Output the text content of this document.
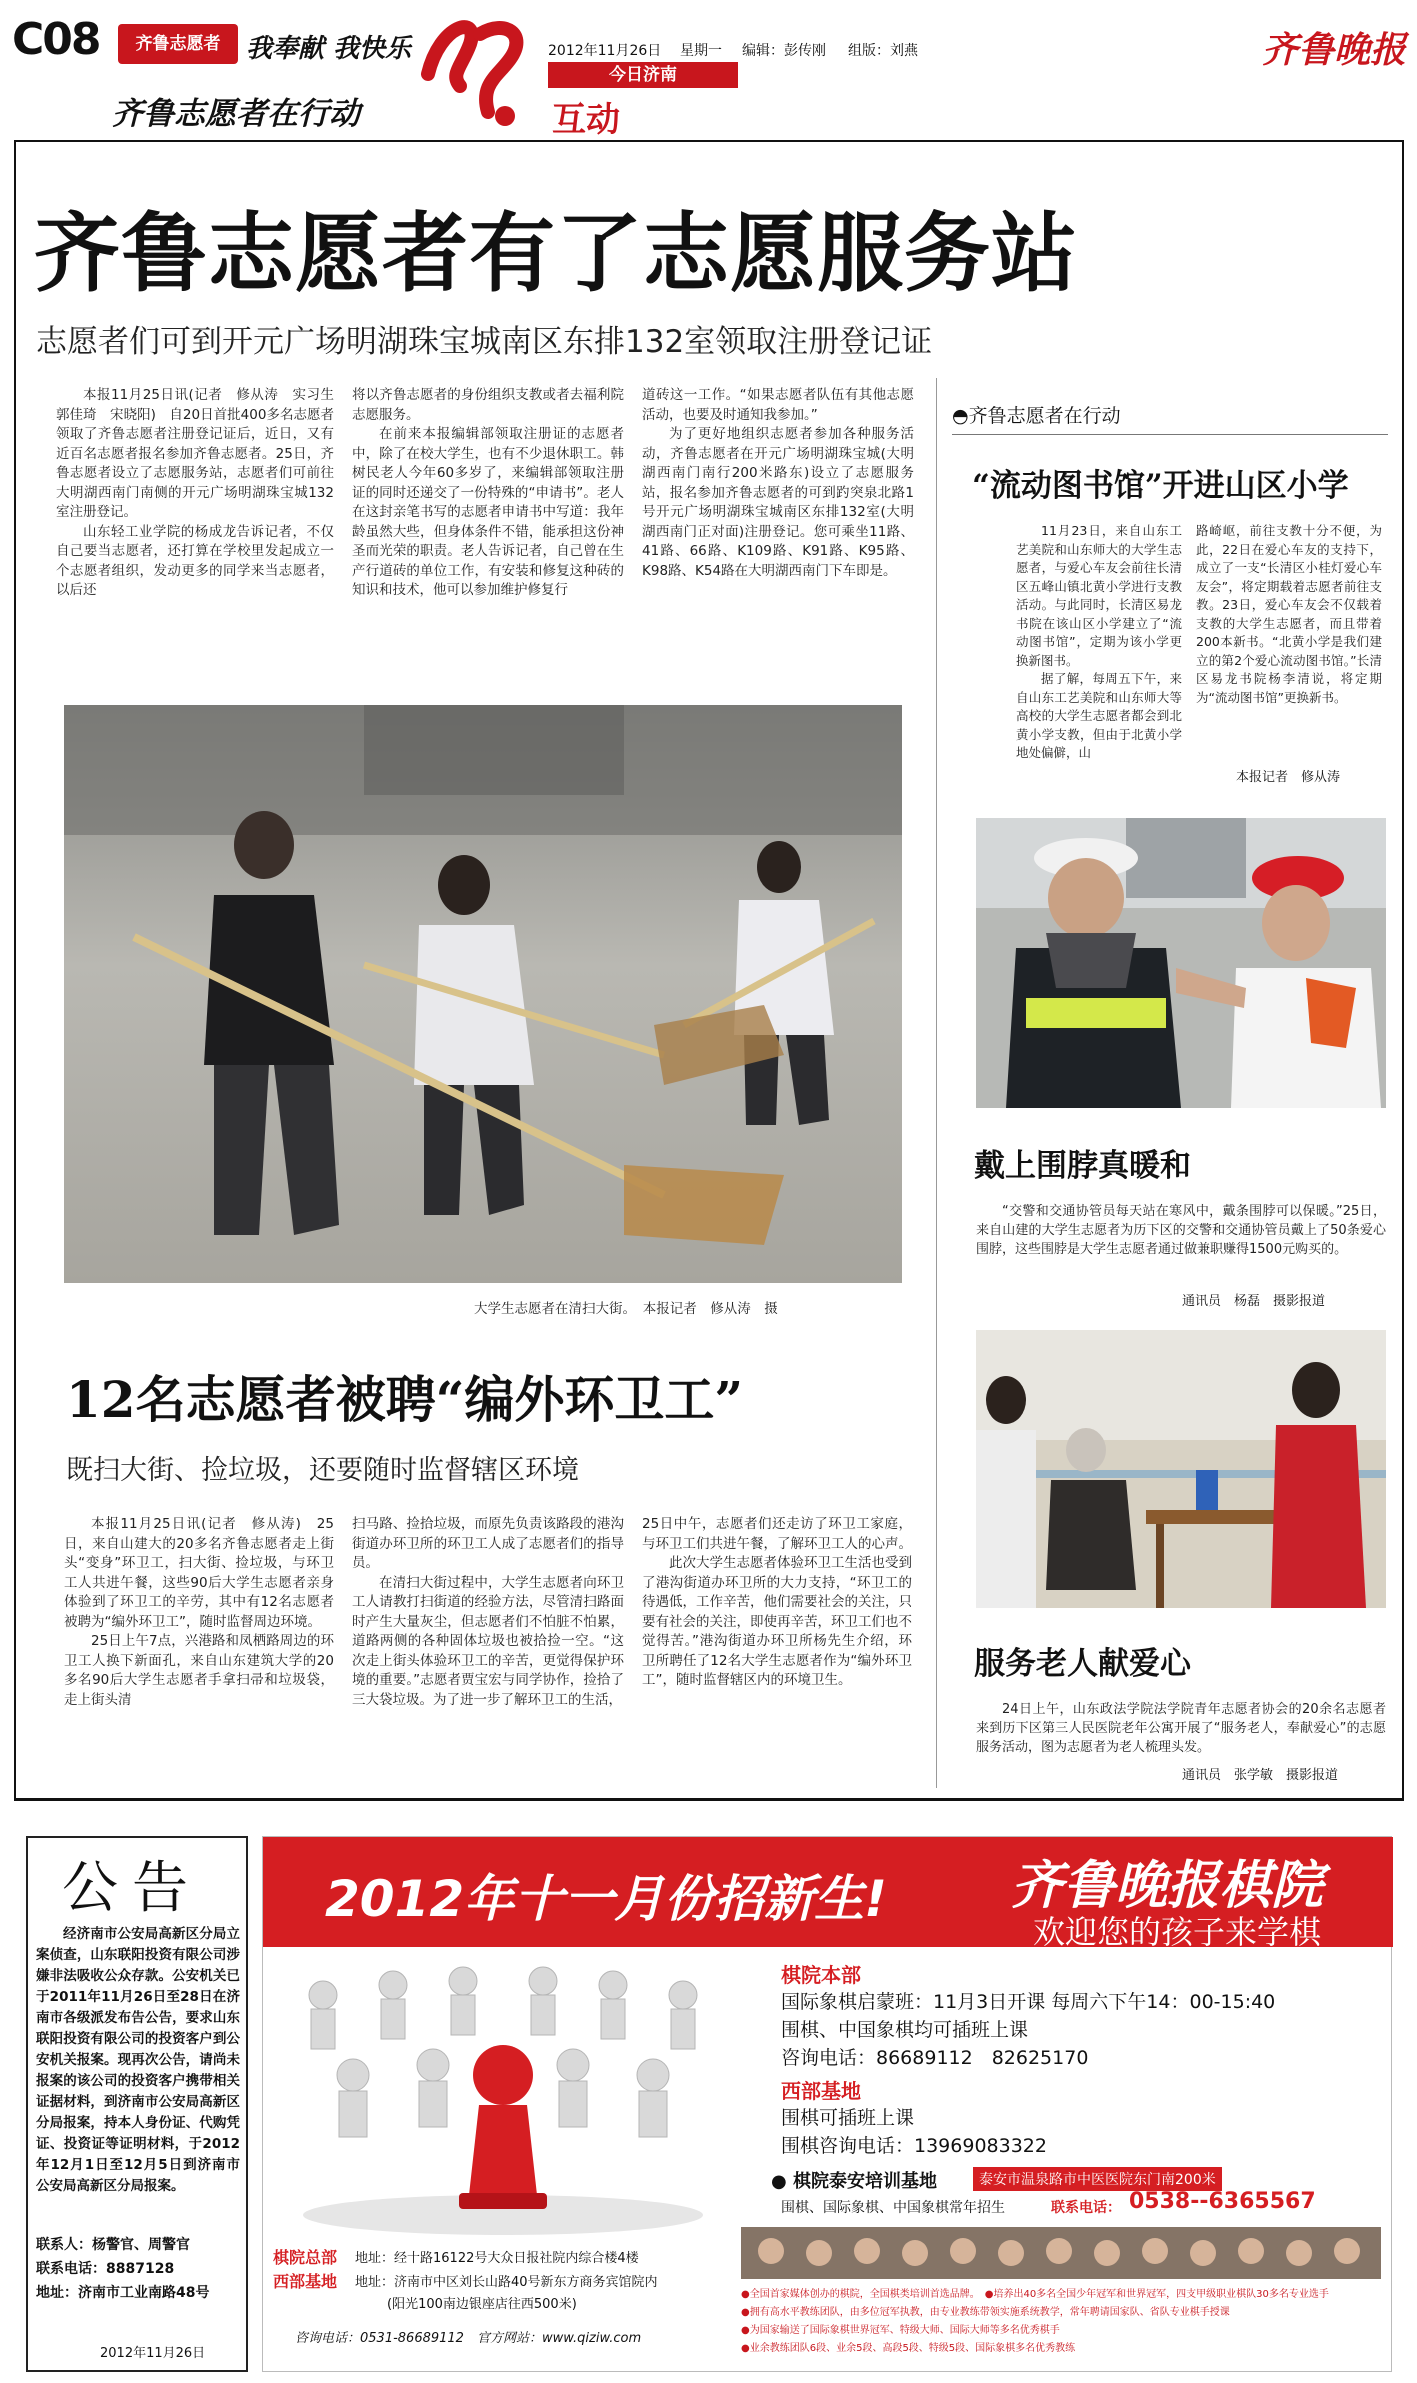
C08	齐鲁志愿者 我奉献 我快乐
齐鲁志愿者在行动
2012年11月26日 星期一 编辑：彭传刚 组版：刘燕
今日济南
互动
齐鲁晚报
齐鲁志愿者有了志愿服务站
志愿者们可到开元广场明湖珠宝城南区东排132室领取注册登记证

本报11月25日讯(记者　修从涛　实习生　郭佳琦　宋晓阳)　自20日首批400多名志愿者领取了齐鲁志愿者注册登记证后，近日，又有近百名志愿者报名参加齐鲁志愿者。25日，齐鲁志愿者设立了志愿服务站，志愿者们可前往大明湖西南门南侧的开元广场明湖珠宝城132室注册登记。

山东轻工业学院的杨成龙告诉记者，不仅自己要当志愿者，还打算在学校里发起成立一个志愿者组织，发动更多的同学来当志愿者，以后还

将以齐鲁志愿者的身份组织支教或者去福利院志愿服务。

在前来本报编辑部领取注册证的志愿者中，除了在校大学生，也有不少退休职工。韩树民老人今年60多岁了，来编辑部领取注册证的同时还递交了一份特殊的“申请书”。老人在这封亲笔书写的志愿者申请书中写道：我年龄虽然大些，但身体条件不错，能承担这份神圣而光荣的职责。老人告诉记者，自己曾在生产行道砖的单位工作，有安装和修复这种砖的知识和技术，他可以参加维护修复行

道砖这一工作。“如果志愿者队伍有其他志愿活动，也要及时通知我参加。”

为了更好地组织志愿者参加各种服务活动，齐鲁志愿者在开元广场明湖珠宝城(大明湖西南门南行200米路东)设立了志愿服务站，报名参加齐鲁志愿者的可到趵突泉北路1号开元广场明湖珠宝城南区东排132室(大明湖西南门正对面)注册登记。您可乘坐11路、41路、66路、K109路、K91路、K95路、K98路、K54路在大明湖西南门下车即是。

大学生志愿者在清扫大街。　本报记者　修从涛　摄
12名志愿者被聘“编外环卫工”
既扫大街、捡垃圾，还要随时监督辖区环境

本报11月25日讯(记者　修从涛)　25日，来自山建大的20多名齐鲁志愿者走上街头“变身”环卫工，扫大街、捡垃圾，与环卫工人共进午餐，这些90后大学生志愿者亲身体验到了环卫工的辛劳，其中有12名志愿者被聘为“编外环卫工”，随时监督周边环境。

25日上午7点，兴港路和凤栖路周边的环卫工人换下新面孔，来自山东建筑大学的20多名90后大学生志愿者手拿扫帚和垃圾袋，走上街头清

扫马路、捡拾垃圾，而原先负责该路段的港沟街道办环卫所的环卫工人成了志愿者们的指导员。

在清扫大街过程中，大学生志愿者向环卫工人请教打扫街道的经验方法，尽管清扫路面时产生大量灰尘，但志愿者们不怕脏不怕累，道路两侧的各种固体垃圾也被拾捡一空。“这次走上街头体验环卫工的辛苦，更觉得保护环境的重要。”志愿者贾宝宏与同学协作，捡拾了三大袋垃圾。为了进一步了解环卫工的生活，

25日中午，志愿者们还走访了环卫工家庭，与环卫工们共进午餐，了解环卫工人的心声。

此次大学生志愿者体验环卫工生活也受到了港沟街道办环卫所的大力支持，“环卫工的待遇低，工作辛苦，他们需要社会的关注，只要有社会的关注，即使再辛苦，环卫工们也不觉得苦。”港沟街道办环卫所杨先生介绍，环卫所聘任了12名大学生志愿者作为“编外环卫工”，随时监督辖区内的环境卫生。

◓齐鲁志愿者在行动
“流动图书馆”开进山区小学

11月23日，来自山东工艺美院和山东师大的大学生志愿者，与爱心车友会前往长清区五峰山镇北黄小学进行支教活动。与此同时，长清区易龙书院在该山区小学建立了“流动图书馆”，定期为该小学更换新图书。

据了解，每周五下午，来自山东工艺美院和山东师大等高校的大学生志愿者都会到北黄小学支教，但由于北黄小学地处偏僻，山

路崎岖，前往支教十分不便，为此，22日在爱心车友的支持下，成立了一支“长清区小桂灯爱心车友会”，将定期载着志愿者前往支教。23日，爱心车友会不仅载着支教的大学生志愿者，而且带着200本新书。“北黄小学是我们建立的第2个爱心流动图书馆。”长清区易龙书院杨李清说，将定期为“流动图书馆”更换新书。

本报记者　修从涛
戴上围脖真暖和

“交警和交通协管员每天站在寒风中，戴条围脖可以保暖。”25日，来自山建的大学生志愿者为历下区的交警和交通协管员戴上了50条爱心围脖，这些围脖是大学生志愿者通过做兼职赚得1500元购买的。

通讯员　杨磊　摄影报道
服务老人献爱心

24日上午，山东政法学院法学院青年志愿者协会的20余名志愿者来到历下区第三人民医院老年公寓开展了“服务老人，奉献爱心”的志愿服务活动，图为志愿者为老人梳理头发。

通讯员　张学敏　摄影报道
公告
经济南市公安局高新区分局立案侦查，山东联阳投资有限公司涉嫌非法吸收公众存款。公安机关已于2011年11月26日至28日在济南市各级派发布告公告，要求山东联阳投资有限公司的投资客户到公安机关报案。现再次公告，请尚未报案的该公司的投资客户携带相关证据材料，到济南市公安局高新区分局报案，持本人身份证、代购凭证、投资证等证明材料，于2012年12月1日至12月5日到济南市公安局高新区分局报案。
联系人：杨警官、周警官
联系电话：8887128
地址：济南市工业南路48号
2012年11月26日
2012年十一月份招新生! 齐鲁晚报棋院
欢迎您的孩子来学棋
棋院本部
国际象棋启蒙班：11月3日开课 每周六下午14：00-15:40
围棋、中国象棋均可插班上课
咨询电话：86689112　82625170
西部基地
围棋可插班上课
围棋咨询电话：13969083322
● 棋院泰安培训基地	泰安市温泉路市中医医院东门南200米
围棋、国际象棋、中国象棋常年招生	联系电话： 0538--6365567
棋院总部 地址：经十路16122号大众日报社院内综合楼4楼
西部基地 地址：济南市中区刘长山路40号新东方商务宾馆院内
(阳光100南边银座店往西500米)
咨询电话：0531-86689112　官方网站：www.qiziw.com
●全国首家媒体创办的棋院，全国棋类培训首选品牌。　●培养出40多名全国少年冠军和世界冠军，四支甲级职业棋队30多名专业选手
●拥有高水平教练团队，由多位冠军执教，由专业教练带领实施系统教学，常年聘请国家队、省队专业棋手授课
●为国家输送了国际象棋世界冠军、特级大师、国际大师等多名优秀棋手
●业余教练团队6段、业余5段、高段5段、特级5段、国际象棋多名优秀教练
